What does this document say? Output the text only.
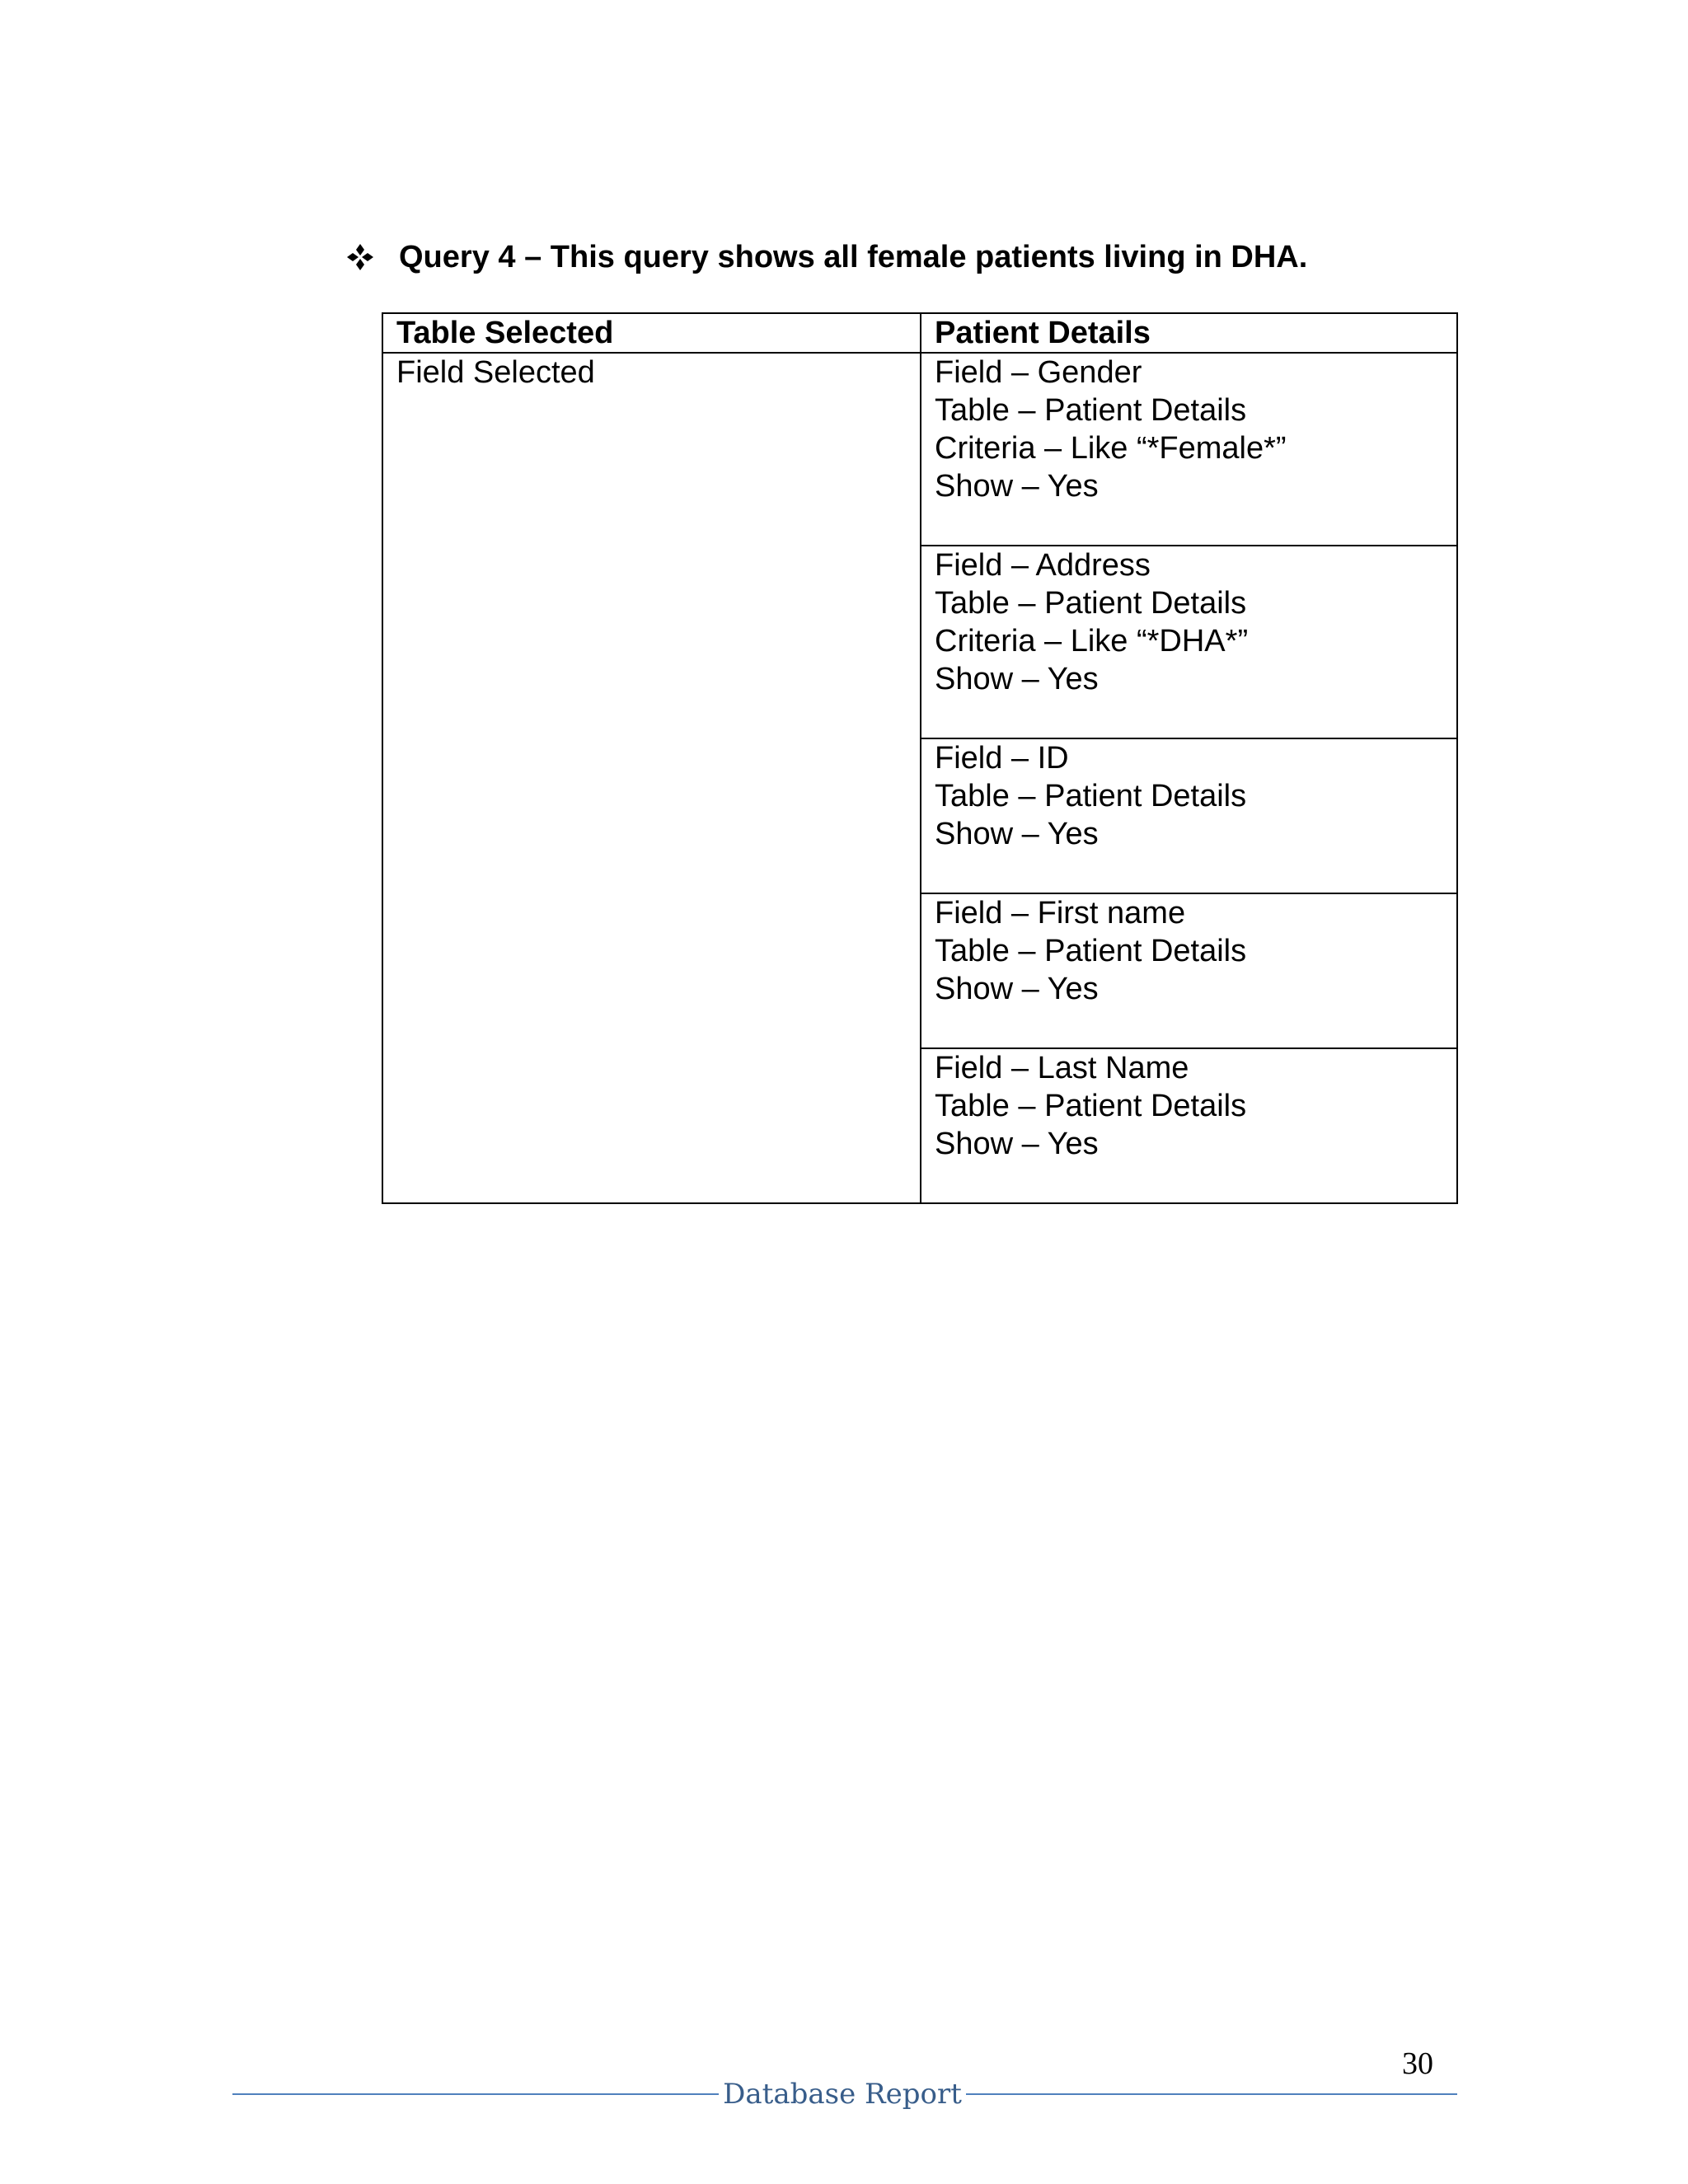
Query 4 – This query shows all female patients living in DHA.
Table Selected	Patient Details
Field Selected	Field – Gender
Table – Patient Details
Criteria – Like “*Female*”
Show – Yes

	Field – Address
Table – Patient Details
Criteria – Like “*DHA*”
Show – Yes

	Field – ID
Table – Patient Details
Show – Yes

	Field – First name
Table – Patient Details
Show – Yes

	Field – Last Name
Table – Patient Details
Show – Yes
30
Database Report
